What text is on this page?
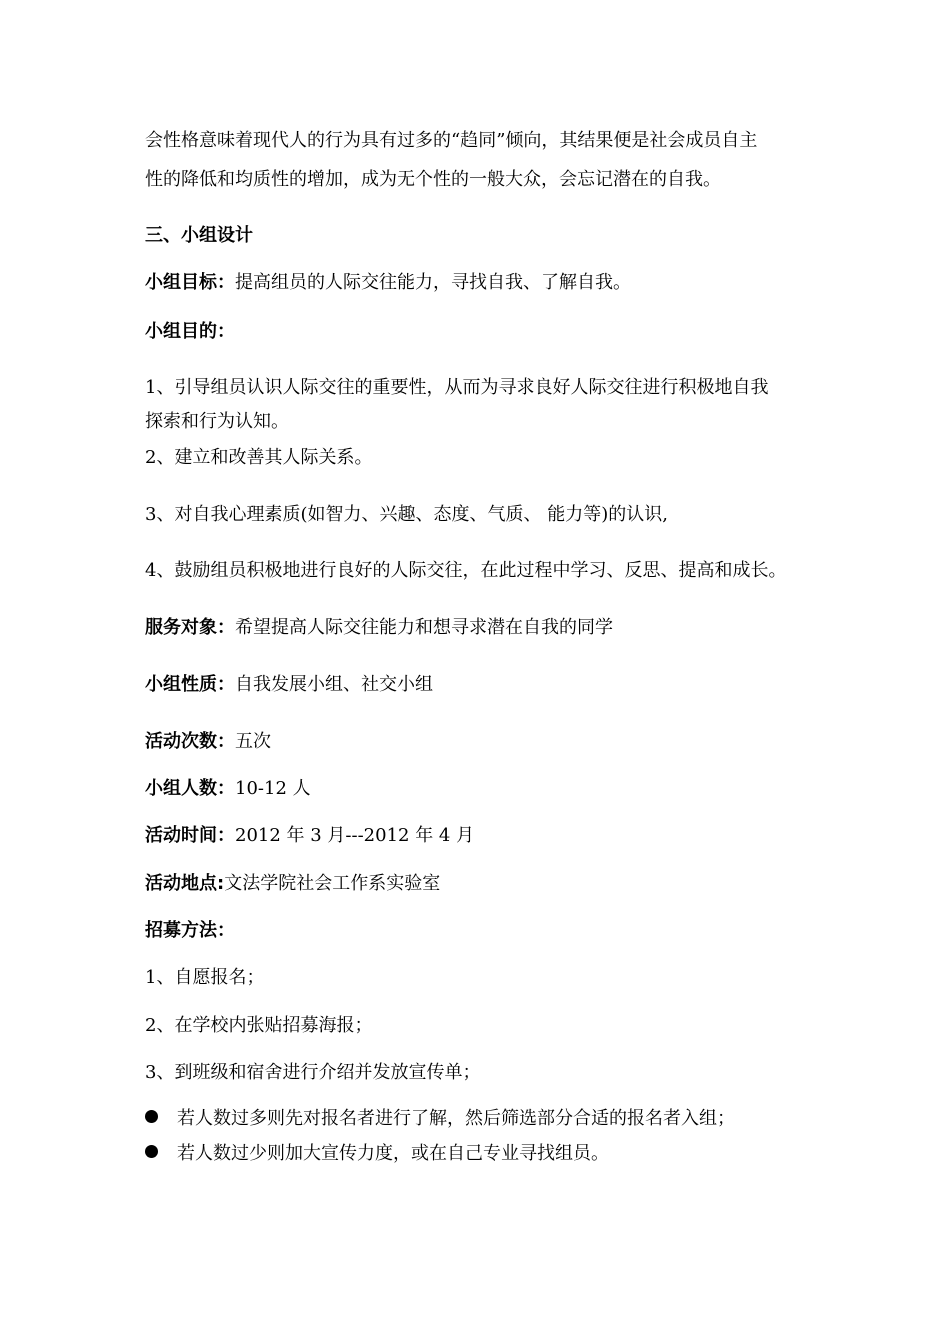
会性格意味着现代人的行为具有过多的“趋同”倾向，其结果便是社会成员自主
性的降低和均质性的增加，成为无个性的一般大众，会忘记潜在的自我。
三、小组设计
小组目标：提高组员的人际交往能力，寻找自我、了解自我。
小组目的：
1、引导组员认识人际交往的重要性，从而为寻求良好人际交往进行积极地自我
探索和行为认知。
2、建立和改善其人际关系。
3、对自我心理素质(如智力、兴趣、态度、气质、 能力等)的认识,
4、鼓励组员积极地进行良好的人际交往，在此过程中学习、反思、提高和成长。
服务对象：希望提高人际交往能力和想寻求潜在自我的同学
小组性质：自我发展小组、社交小组
活动次数：五次
小组人数：10-12 人
活动时间：2012 年 3 月---2012 年 4 月
活动地点:文法学院社会工作系实验室
招募方法：
1、自愿报名；
2、在学校内张贴招募海报；
3、到班级和宿舍进行介绍并发放宣传单；
若人数过多则先对报名者进行了解，然后筛选部分合适的报名者入组；
若人数过少则加大宣传力度，或在自己专业寻找组员。
